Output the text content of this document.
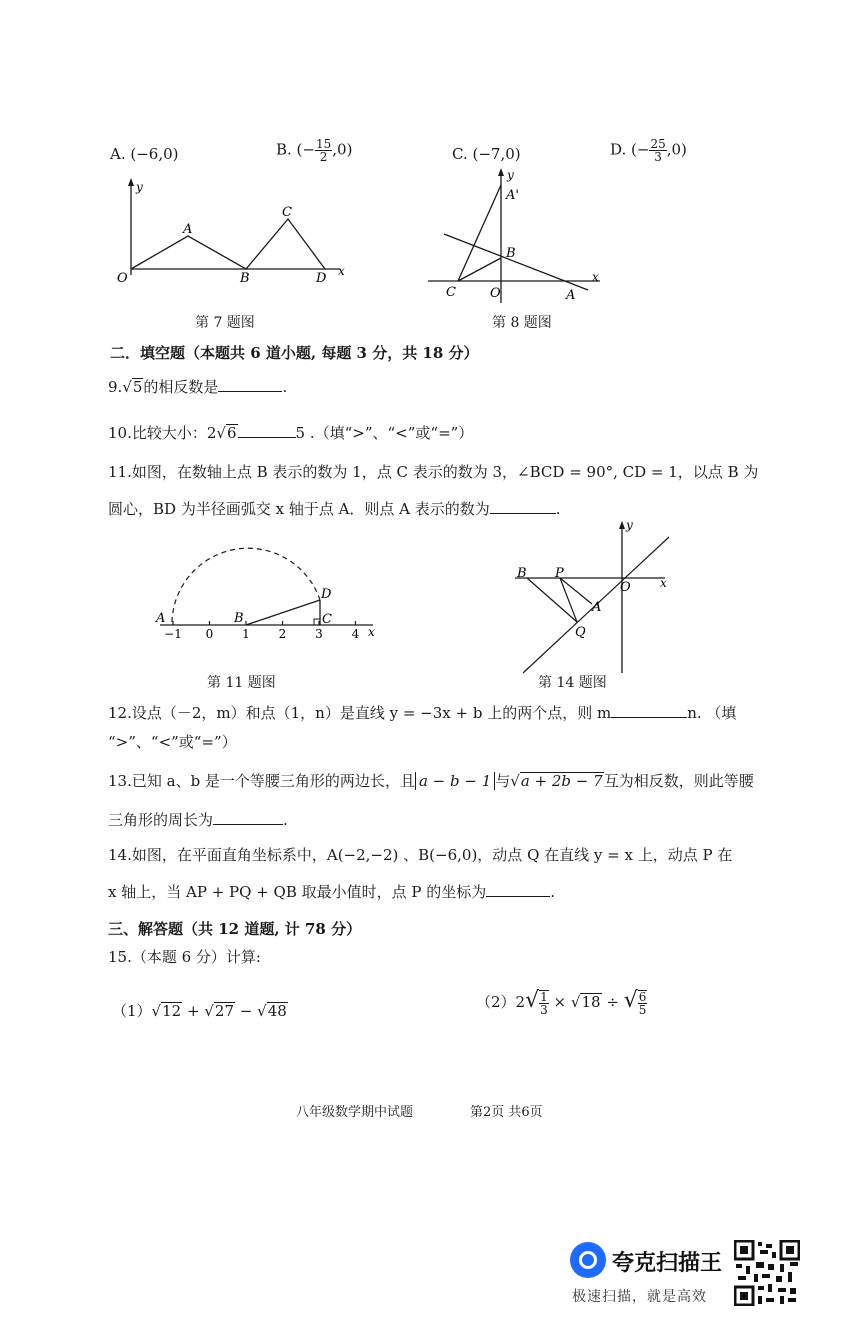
A. (−6,0)	B. (− $\frac{15}{2} ,0$)	C. (−7,0)	D. (− $\frac{25}{3} ,0$)
y
x
O
A
B
C
D
第 7 题图
y
x
O	A
A'
B
C
第 8 题图
二．填空题（本题共 6 道小题, 每题 3 分，共 18 分）
9.√5的相反数是	.
10.比较大小：2√6	5 .（填“>”、“<”或“=”）
11.如图，在数轴上点 B 表示的数为 1，点 C 表示的数为 3，∠BCD = 90°, CD = 1，以点 B 为
圆心，BD 为半径画弧交 x 轴于点 A．则点 A 表示的数为	.
−1 0 1 2 3 4
A	B	C
D
x
第 11 题图
y
x
O
A
B P
Q
第 14 题图
12.设点（－2，m）和点（1，n）是直线 y = −3x + b 上的两个点，则 m	n. （填
“>”、“<”或“=”）
13.已知 a、b 是一个等腰三角形的两边长，且 a − b − 1 与√a + 2b − 7互为相反数，则此等腰
三角形的周长为	.
14.如图，在平面直角坐标系中，A(−2,−2) 、B(−6,0)，动点 Q 在直线 y = x 上，动点 P 在
x 轴上，当 AP + PQ + QB 取最小值时，点 P 的坐标为	.
三、解答题（共 12 道题, 计 78 分）
15.（本题 6 分）计算:
（1）√12 + √27 − √48	$(2)2√ \frac{1}{3} \times √18$ ÷ √ $\frac{6}{5}$
八年级数学期中试题	第2页 共6页
夸克扫描王
极速扫描，就是高效
